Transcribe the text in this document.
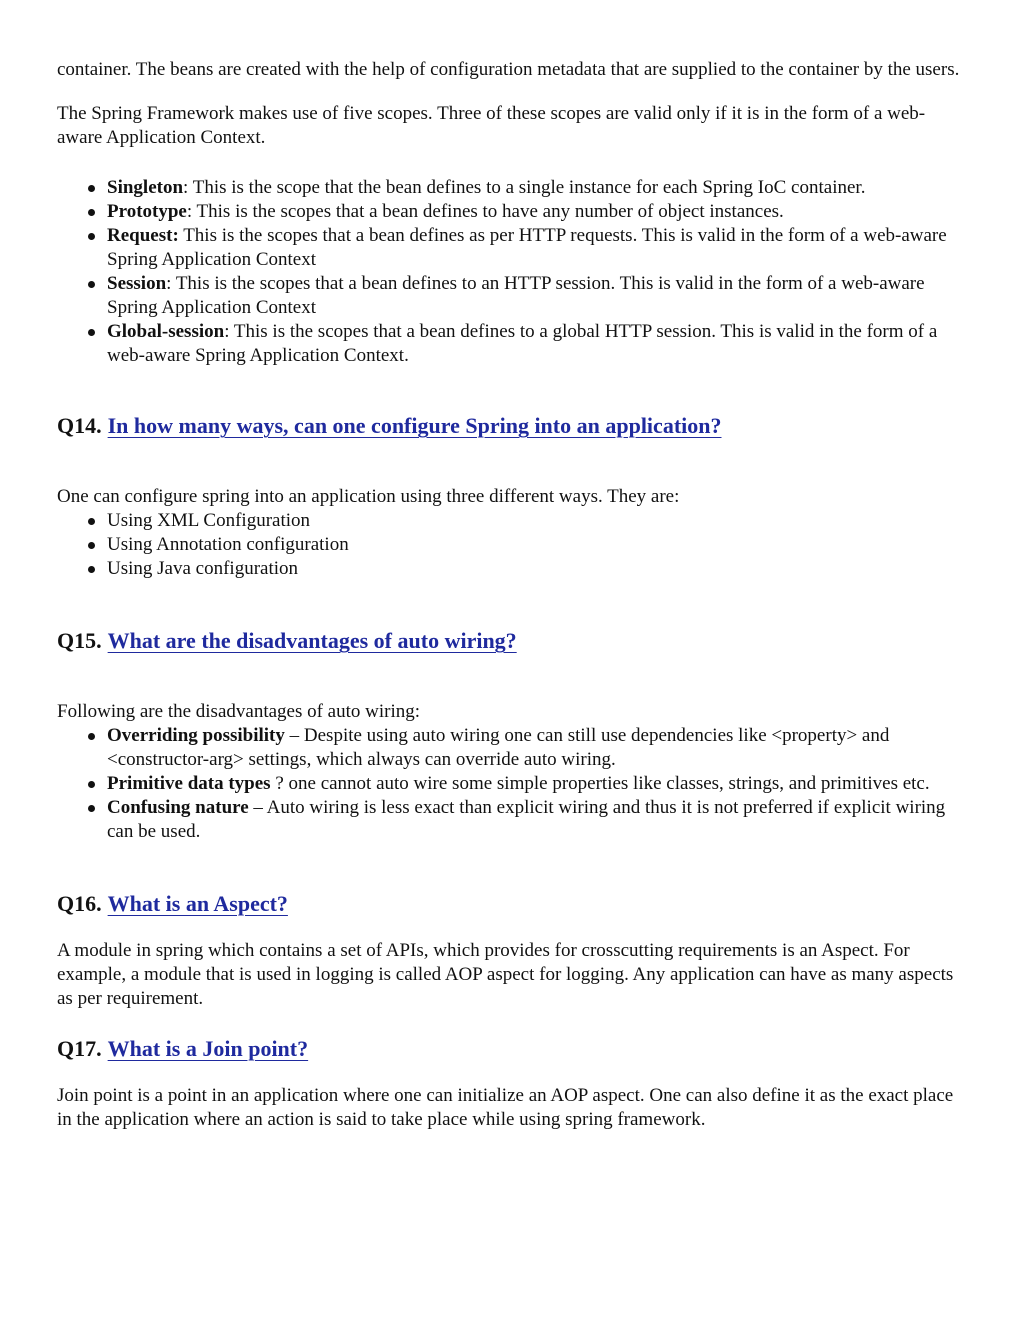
container. The beans are created with the help of configuration metadata that are supplied to the container by the users.

The Spring Framework makes use of five scopes. Three of these scopes are valid only if it is in the form of a web-aware Application Context.

Singleton: This is the scope that the bean defines to a single instance for each Spring IoC container.
Prototype: This is the scopes that a bean defines to have any number of object instances.
Request: This is the scopes that a bean defines as per HTTP requests. This is valid in the form of a web-aware Spring Application Context
Session: This is the scopes that a bean defines to an HTTP session. This is valid in the form of a web-aware Spring Application Context
Global-session: This is the scopes that a bean defines to a global HTTP session. This is valid in the form of a web-aware Spring Application Context.
Q14. In how many ways, can one configure Spring into an application?

One can configure spring into an application using three different ways. They are:

Using XML Configuration
Using Annotation configuration
Using Java configuration
Q15. What are the disadvantages of auto wiring?

Following are the disadvantages of auto wiring:

Overriding possibility – Despite using auto wiring one can still use dependencies like <property> and <constructor-arg> settings, which always can override auto wiring.
Primitive data types ? one cannot auto wire some simple properties like classes, strings, and primitives etc.
Confusing nature – Auto wiring is less exact than explicit wiring and thus it is not preferred if explicit wiring can be used.
Q16. What is an Aspect?

A module in spring which contains a set of APIs, which provides for crosscutting requirements is an Aspect. For example, a module that is used in logging is called AOP aspect for logging. Any application can have as many aspects as per requirement.

Q17. What is a Join point?

Join point is a point in an application where one can initialize an AOP aspect. One can also define it as the exact place in the application where an action is said to take place while using spring framework.
